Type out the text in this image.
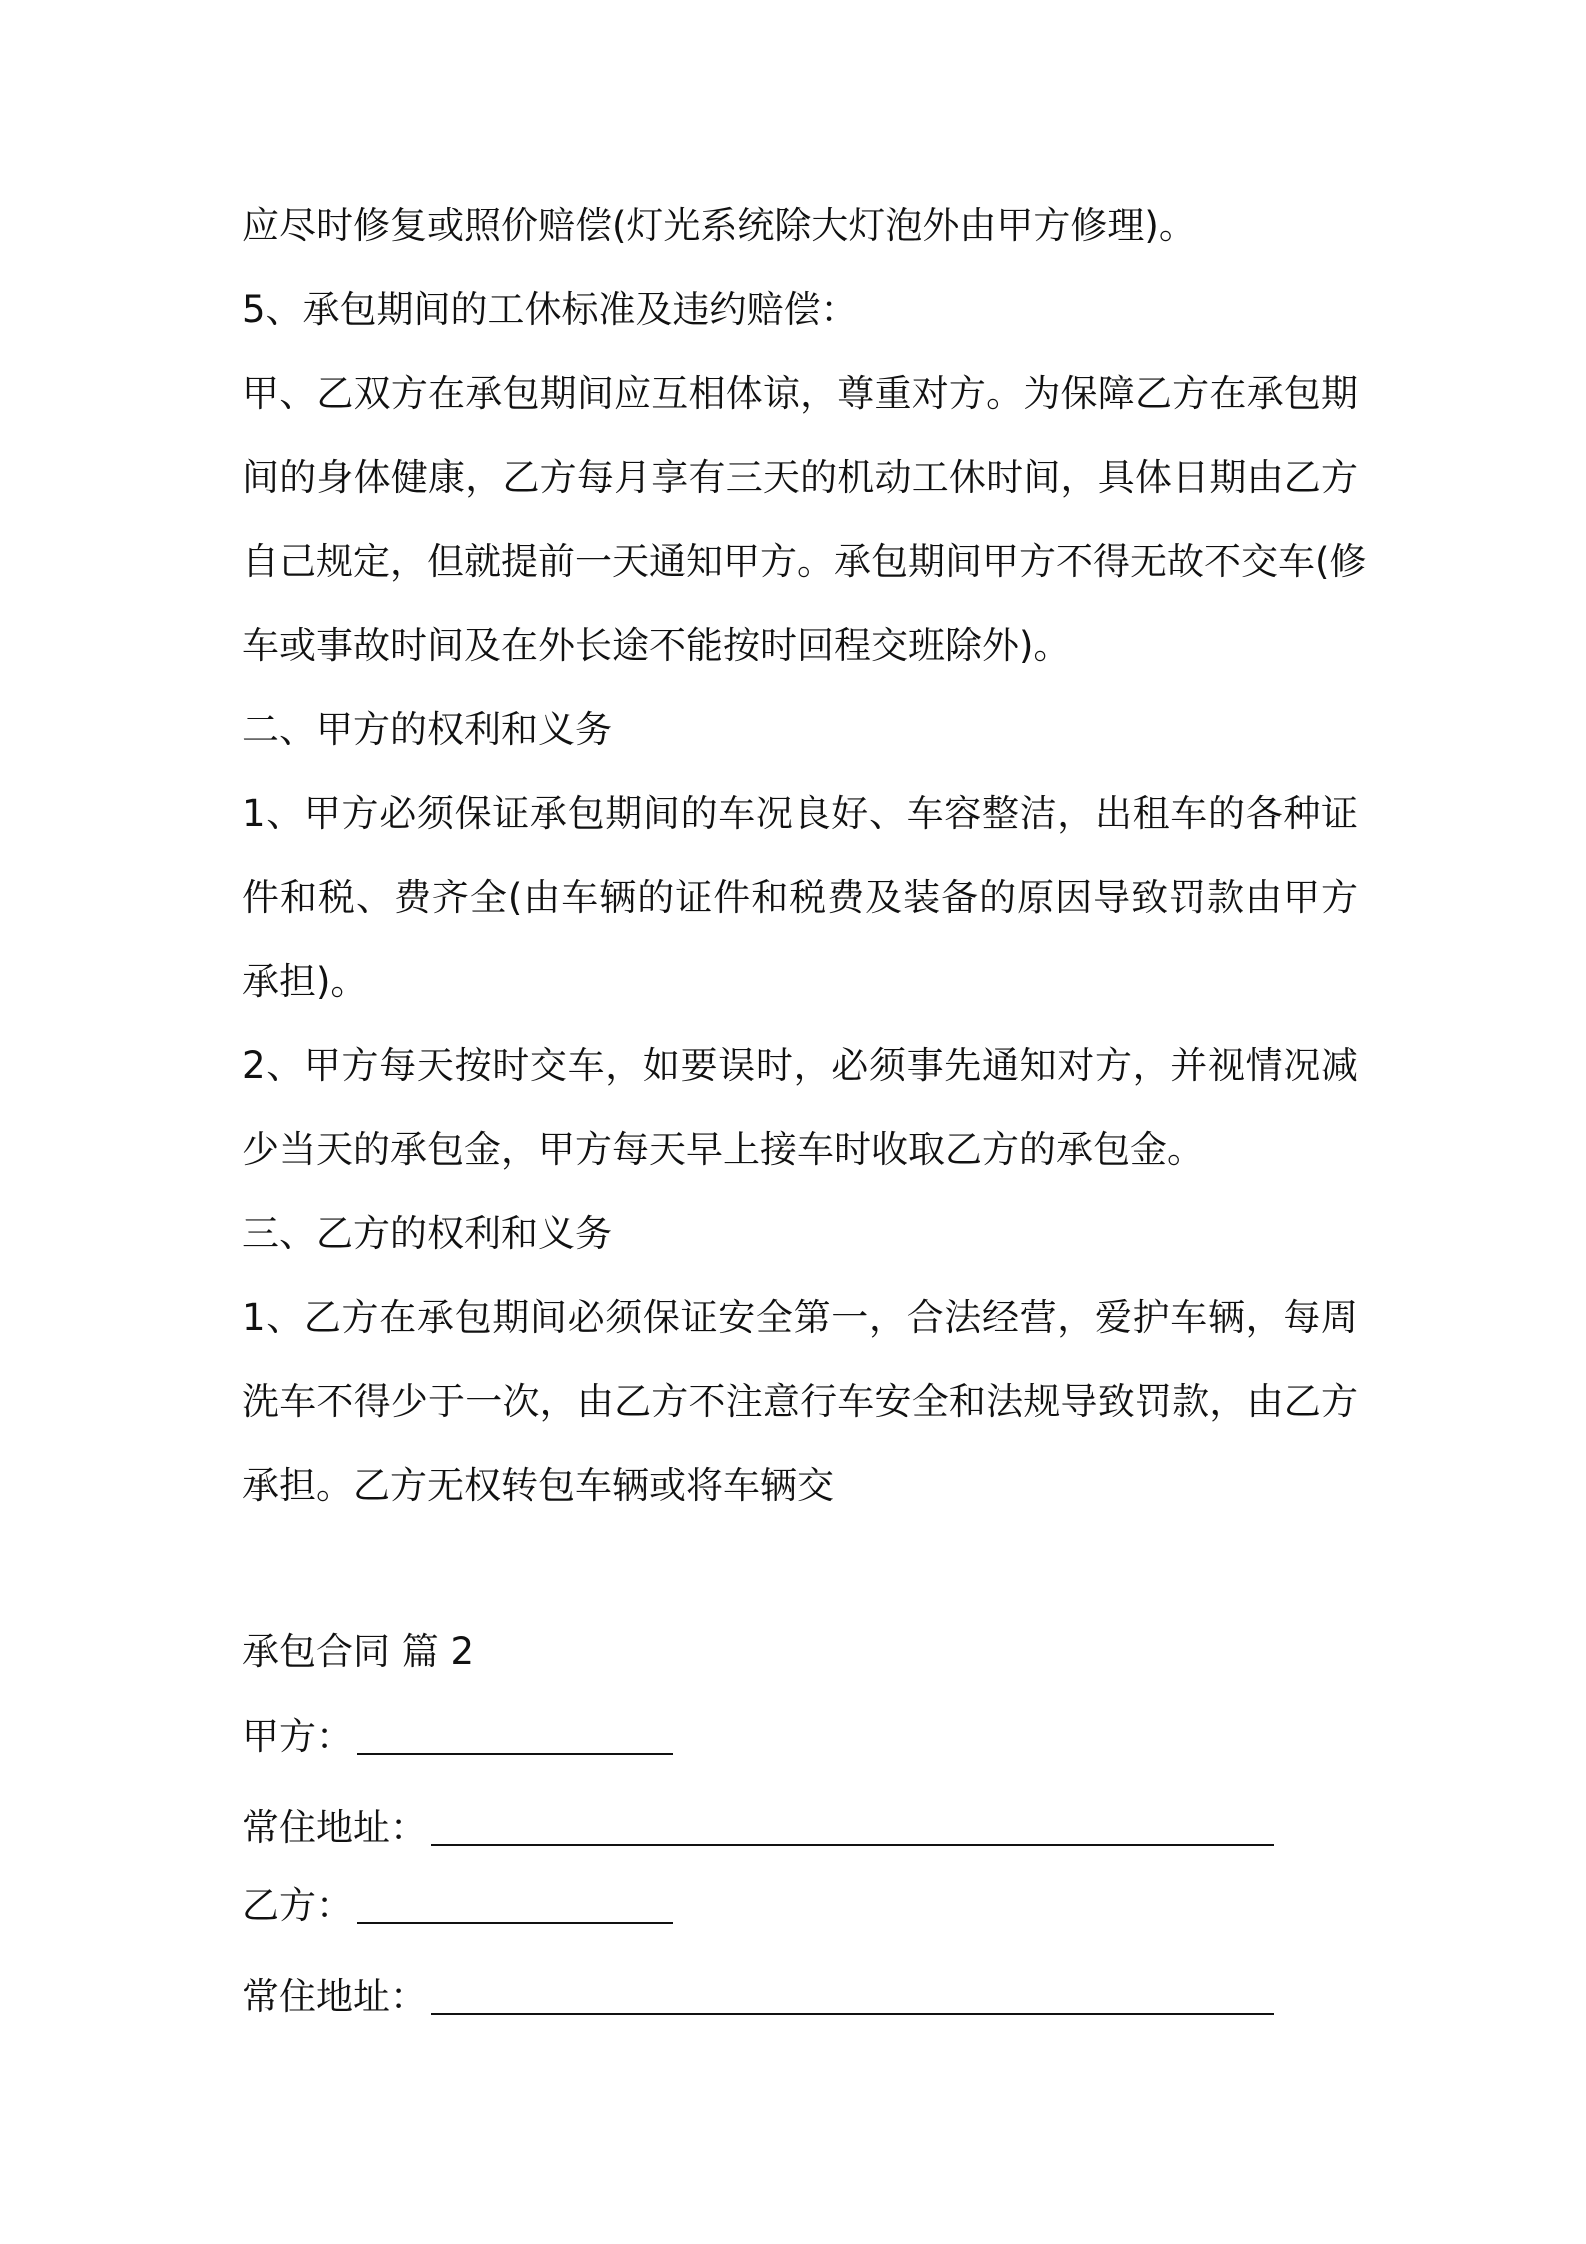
应尽时修复或照价赔偿(灯光系统除大灯泡外由甲方修理)。
5、承包期间的工休标准及违约赔偿：
甲、乙双方在承包期间应互相体谅，尊重对方。为保障乙方在承包期
间的身体健康，乙方每月享有三天的机动工休时间，具体日期由乙方
自己规定，但就提前一天通知甲方。承包期间甲方不得无故不交车(修
车或事故时间及在外长途不能按时回程交班除外)。
二、甲方的权利和义务
1、甲方必须保证承包期间的车况良好、车容整洁，出租车的各种证
件和税、费齐全(由车辆的证件和税费及装备的原因导致罚款由甲方
承担)。
2、甲方每天按时交车，如要误时，必须事先通知对方，并视情况减
少当天的承包金，甲方每天早上接车时收取乙方的承包金。
三、乙方的权利和义务
1、乙方在承包期间必须保证安全第一，合法经营，爱护车辆，每周
洗车不得少于一次，由乙方不注意行车安全和法规导致罚款，由乙方
承担。乙方无权转包车辆或将车辆交
承包合同 篇 2
甲方：
常住地址：
乙方：
常住地址：
